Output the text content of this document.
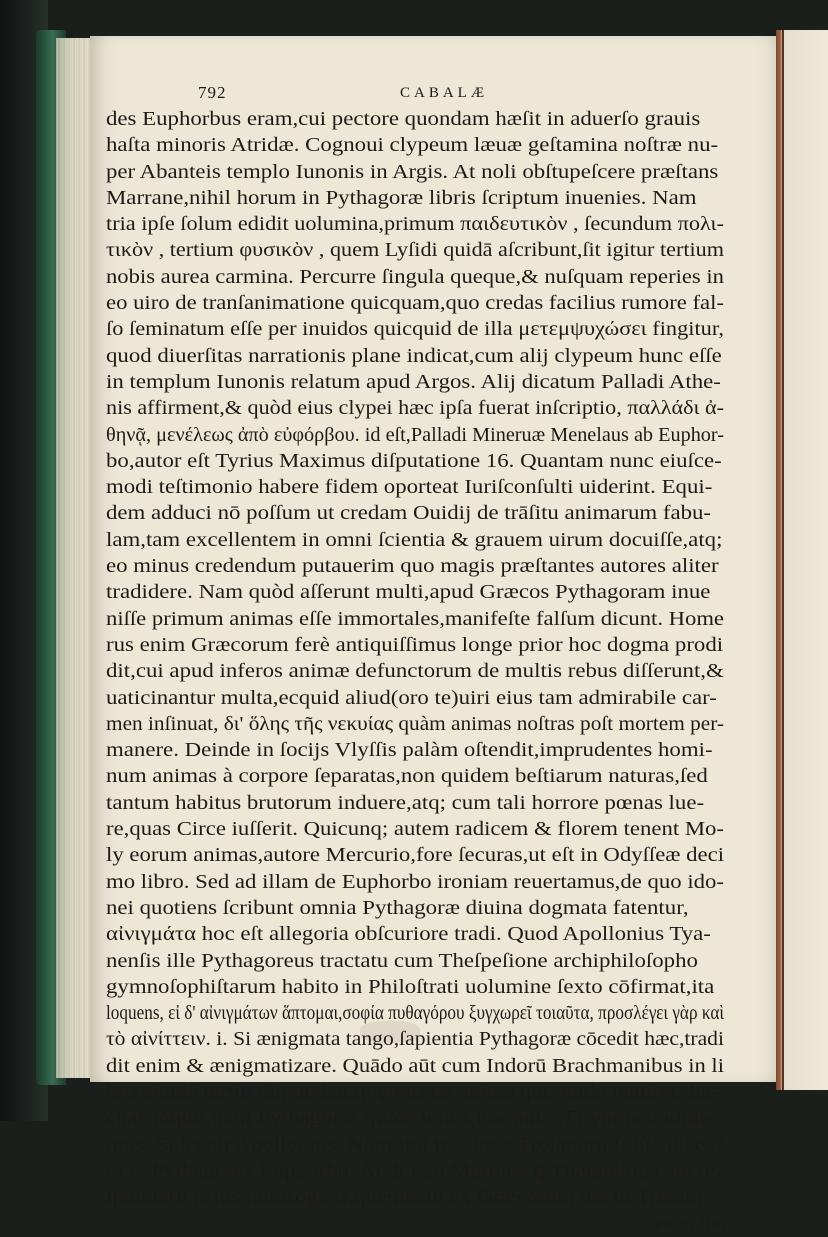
792	CABALÆ
des Euphorbus eram,cui pectore quondam hæſit in aduerſo grauis
haſta minoris Atridæ. Cognoui clypeum læuæ geſtamina noſtræ nu-
per Abanteis templo Iunonis in Argis. At noli obſtupeſcere præſtans
Marrane,nihil horum in Pythagoræ libris ſcriptum inuenies. Nam
tria ipſe ſolum edidit uolumina,primum παιδευτικὸν , ſecundum πολι-
τικὸν , tertium φυσικὸν , quem Lyſidi quidā aſcribunt,ſit igitur tertium
nobis aurea carmina. Percurre ſingula queque,& nuſquam reperies in
eo uiro de tranſanimatione quicquam,quo credas facilius rumore fal-
ſo ſeminatum eſſe per inuidos quicquid de illa μετεμψυχώσει fingitur,
quod diuerſitas narrationis plane indicat,cum alij clypeum hunc eſſe
in templum Iunonis relatum apud Argos. Alij dicatum Palladi Athe-
nis affirment,& quòd eius clypei hæc ipſa fuerat inſcriptio, παλλάδι ἀ-
θηνᾷ, μενέλεως ἀπὸ εὐφόρβου. id eſt,Palladi Mineruæ Menelaus ab Euphor-
bo,autor eſt Tyrius Maximus diſputatione 16. Quantam nunc eiuſce-
modi teſtimonio habere fidem oporteat Iuriſconſulti uiderint. Equi-
dem adduci nō poſſum ut credam Ouidij de trāſitu animarum fabu-
lam,tam excellentem in omni ſcientia & grauem uirum docuiſſe,atq;
eo minus credendum putauerim quo magis præſtantes autores aliter
tradidere. Nam quòd aſſerunt multi,apud Græcos Pythagoram inue
niſſe primum animas eſſe immortales,manifeſte falſum dicunt. Home
rus enim Græcorum ferè antiquiſſimus longe prior hoc dogma prodi
dit,cui apud inferos animæ defunctorum de multis rebus diſſerunt,&
uaticinantur multa,ecquid aliud(oro te)uiri eius tam admirabile car-
men inſinuat, δι' ὅλης τῆς νεκυίας quàm animas noſtras poſt mortem per-
manere. Deinde in ſocijs Vlyſſis palàm oſtendit,imprudentes homi-
num animas à corpore ſeparatas,non quidem beſtiarum naturas,ſed
tantum habitus brutorum induere,atq; cum tali horrore pœnas lue-
re,quas Circe iuſſerit. Quicunq; autem radicem & florem tenent Mo-
ly eorum animas,autore Mercurio,fore ſecuras,ut eſt in Odyſſeæ deci
mo libro. Sed ad illam de Euphorbo ironiam reuertamus,de quo ido-
nei quotiens ſcribunt omnia Pythagoræ diuina dogmata fatentur,
αἰνιγμάτα hoc eſt allegoria obſcuriore tradi. Quod Apollonius Tya-
nenſis ille Pythagoreus tractatu cum Theſpeſione archiphiloſopho
gymnoſophiſtarum habito in Philoſtrati uolumine ſexto cōfirmat,ita
loquens, εἰ δ' αἰνιγμάτων ἅπτομαι,σοφία πυθαγόρου ξυγχωρεῖ τοιαῦτα, προσλέγει γὰρ καὶ
τὸ αἰνίττειν. i. Si ænigmata tango,ſapientia Pythagoræ cōcedit hæc,tradi
dit enim & ænigmatizare. Quādo aūt cum Indorū Brachmanibus in li
bro eiuſdē tertio diſputabat,quęrens de anima quomodo ſentiret. Iar-
chas,inquit,ſicut Pythagoras quidē uobis,nos autē Ægyptijs tradidi-
mus. Suſcepit Apollonius. Num igit̄ te aliquē Troianorū fuiſſe dices?
ut ſe Pythagoras Euphorbū. Audi iam Marrane q̄ Theſpeſion catē re-
ſponderit prius interrogans,quēmnam ex Græcorum ducto Troiam
exercitu,
